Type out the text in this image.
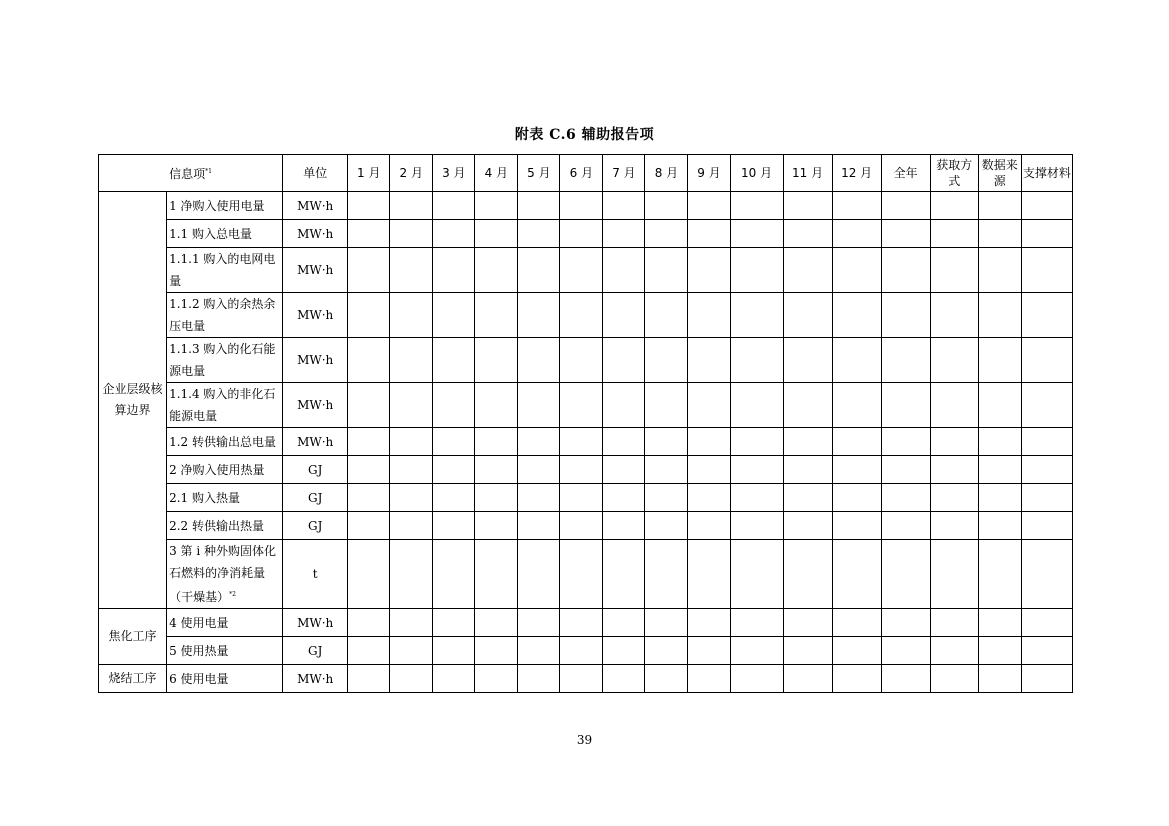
附表 C.6 辅助报告项
信息项$^{*1}$		单位	1 月	2 月	3 月	4 月	5 月	6 月	7 月	8 月	9 月	10 月	11 月	12 月	全年	获取方式	数据来源	支撑材料
企业层级核算边界	1 净购入使用电量	MW·h																
	1.1 购入总电量	MW·h																
	1.1.1 购入的电网电量	MW·h																
	1.1.2 购入的余热余压电量	MW·h																
	1.1.3 购入的化石能源电量	MW·h																
	1.1.4 购入的非化石能源电量	MW·h																
	1.2 转供输出总电量	MW·h																
	2 净购入使用热量	GJ																
	2.1 购入热量	GJ																
	2.2 转供输出热量	GJ																
	3 第 i 种外购固体化石燃料的净消耗量（干燥基）$^{*2}$	t																
焦化工序	4 使用电量	MW·h																
	5 使用热量	GJ																
烧结工序	6 使用电量	MW·h																
39
